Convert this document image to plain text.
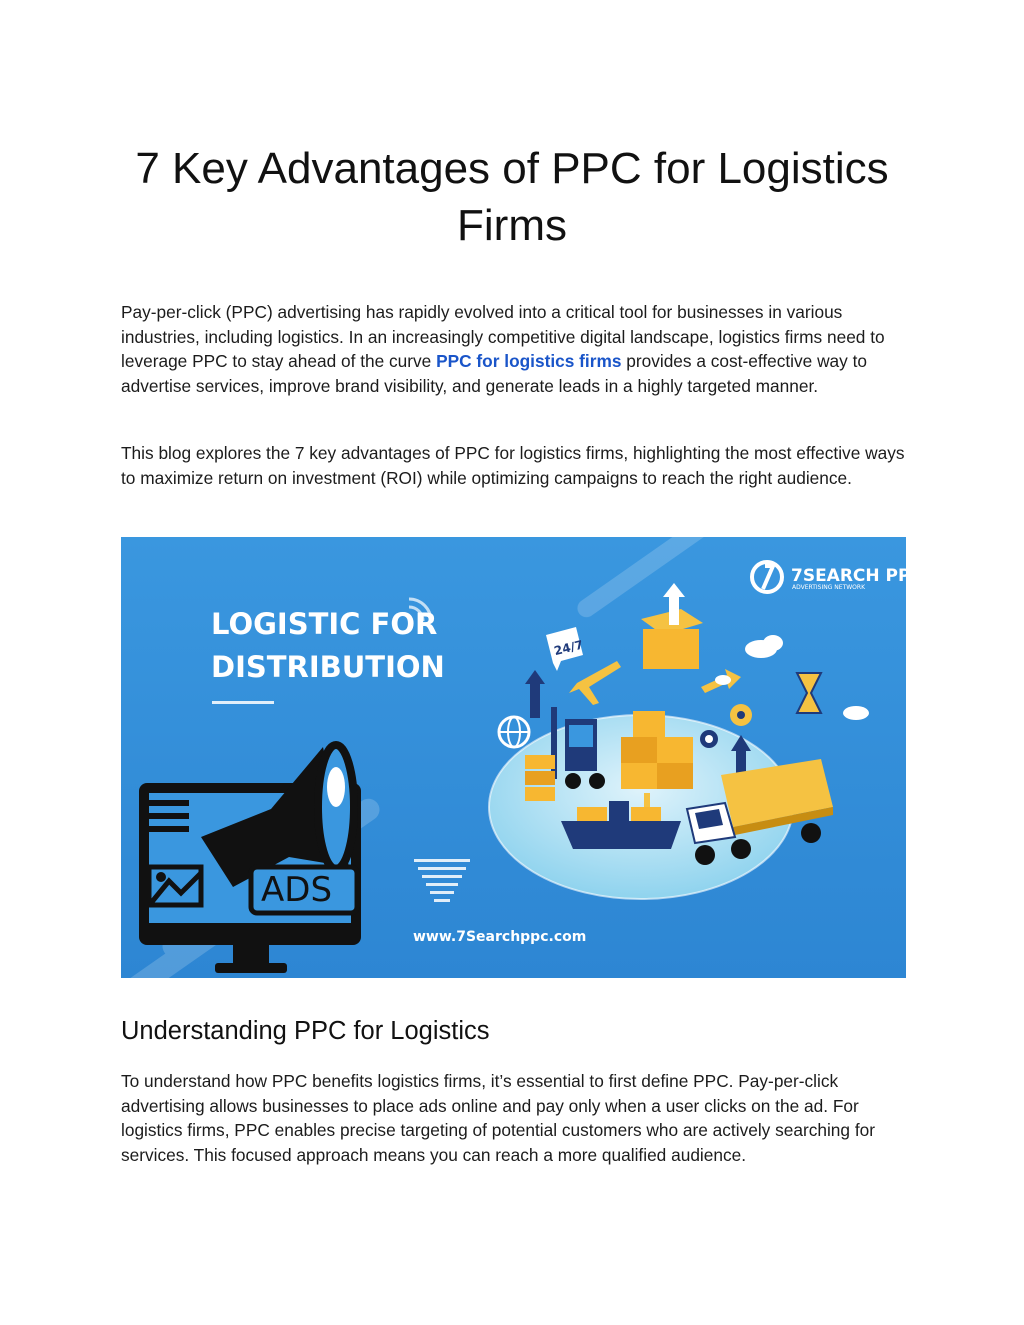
7 Key Advantages of PPC for Logistics Firms

Pay-per-click (PPC) advertising has rapidly evolved into a critical tool for businesses in various industries, including logistics. In an increasingly competitive digital landscape, logistics firms need to leverage PPC to stay ahead of the curve PPC for logistics firms provides a cost-effective way to advertise services, improve brand visibility, and generate leads in a highly targeted manner.

This blog explores the 7 key advantages of PPC for logistics firms, highlighting the most effective ways to maximize return on investment (ROI) while optimizing campaigns to reach the right audience.

LOGISTIC FOR
DISTRIBUTION
7SEARCH PPC
ADVERTISING NETWORK
ADS
www.7Searchppc.com
24/7
Understanding PPC for Logistics

To understand how PPC benefits logistics firms, it’s essential to first define PPC. Pay-per-click advertising allows businesses to place ads online and pay only when a user clicks on the ad. For logistics firms, PPC enables precise targeting of potential customers who are actively searching for services. This focused approach means you can reach a more qualified audience.
